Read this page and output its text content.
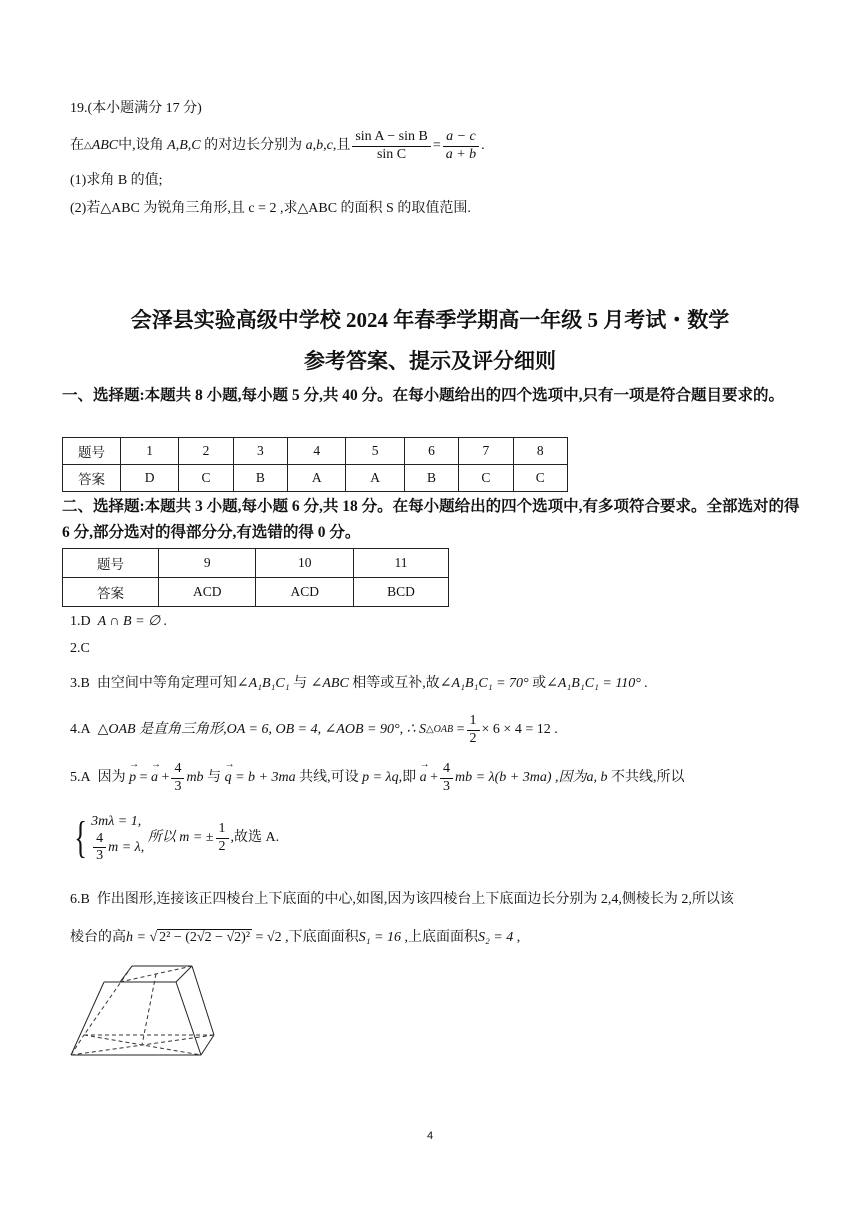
19.(本小题满分 17 分)
在 △ ABC 中,设角
A,B,C
的对边长分别为
a,b,c ,且 $\frac{\text{sin A − sin B}}{\text{sin C}} = \frac{a - c}{a + b}$ .
(1)求角 B 的值;
(2)若△ABC 为锐角三角形,且 c = 2 ,求△ABC 的面积 S 的取值范围.
会泽县实验高级中学校 2024 年春季学期高一年级 5 月考试・数学
参考答案、提示及评分细则
一、选择题:本题共 8 小题,每小题 5 分,共 40 分。在每小题给出的四个选项中,只有一项是符合题目要求的。
题号	1	2	3	4	5	6	7	8
答案	D	C	B	A	A	B	C	C
二、选择题:本题共 3 小题,每小题 6 分,共 18 分。在每小题给出的四个选项中,有多项符合要求。全部选对的得 6 分,部分选对的得部分分,有选错的得 0 分。
题号	9	10	11
答案	ACD	ACD	BCD
1.D A ∩ B = ∅ .
2.C
3.B 由空间中等角定理可知∠A₁B₁C₁ 与 ∠ABC 相等或互补,故∠A₁B₁C₁ = 70° 或∠A₁B₁C₁ = 110° .
4.A
△OAB 是直角三角形, OA = 6, OB = 4, ∠AOB = 90°, ∴ S △OAB
= $\frac{1}{2} \times 6 \times 4 = 12$ .
5.A
因为
→ p
=
→ a
+ $\frac{4}{3}$ mb
与
→ q
= b + 3ma
共线,可设
p = λq ,即
→ a
+ $\frac{4}{3}$ mb
= λ(b + 3ma) ,因为 a, b
不共线,所以
{ 3mλ = 1,
$\frac{4}{3}$ m = λ,

所以 m = ± $\frac{1}{2}$ ,故选 A.
6.B 作出图形,连接该正四棱台上下底面的中心,如图,因为该四棱台上下底面边长分别为 2,4,侧棱长为 2,所以该
棱台的高h = √ 2² − (2√2 − √2)² = √2 ,下底面面积S₁ = 16 ,上底面面积S₂ = 4 ,
4
